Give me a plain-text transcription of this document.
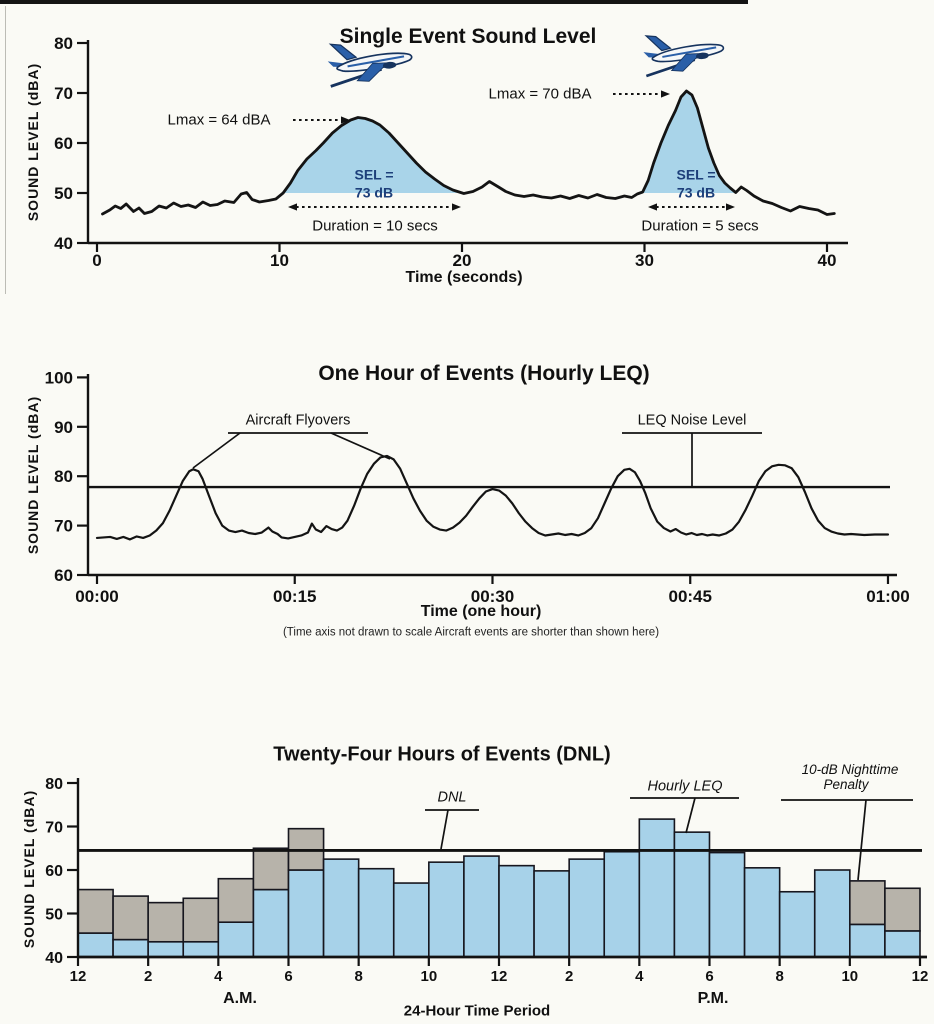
80
70
60
50
40
0	10	20	30	40
100
90
80
70
60
00:00	00:15	00:30	00:45	01:00
80
70
60
50
40
12	2	4	6	8	10	12	2	4	6	8	10	12
Single Event Sound Level
SOUND LEVEL (dBA)	Lmax = 64 dBA
Lmax = 70 dBA
SEL =
73 dB
SEL =
73 dB
Duration = 10 secs	Duration = 5 secs
Time (seconds)
One Hour of Events (Hourly LEQ)
SOUND LEVEL (dBA)	Aircraft Flyovers	LEQ Noise Level
Time (one hour)
(Time axis not drawn to scale Aircraft events are shorter than shown here)
Twenty-Four Hours of Events (DNL)
SOUND LEVEL (dBA)	DNL
Hourly LEQ
10-dB Nighttime
Penalty
A.M.	P.M.
24-Hour Time Period
